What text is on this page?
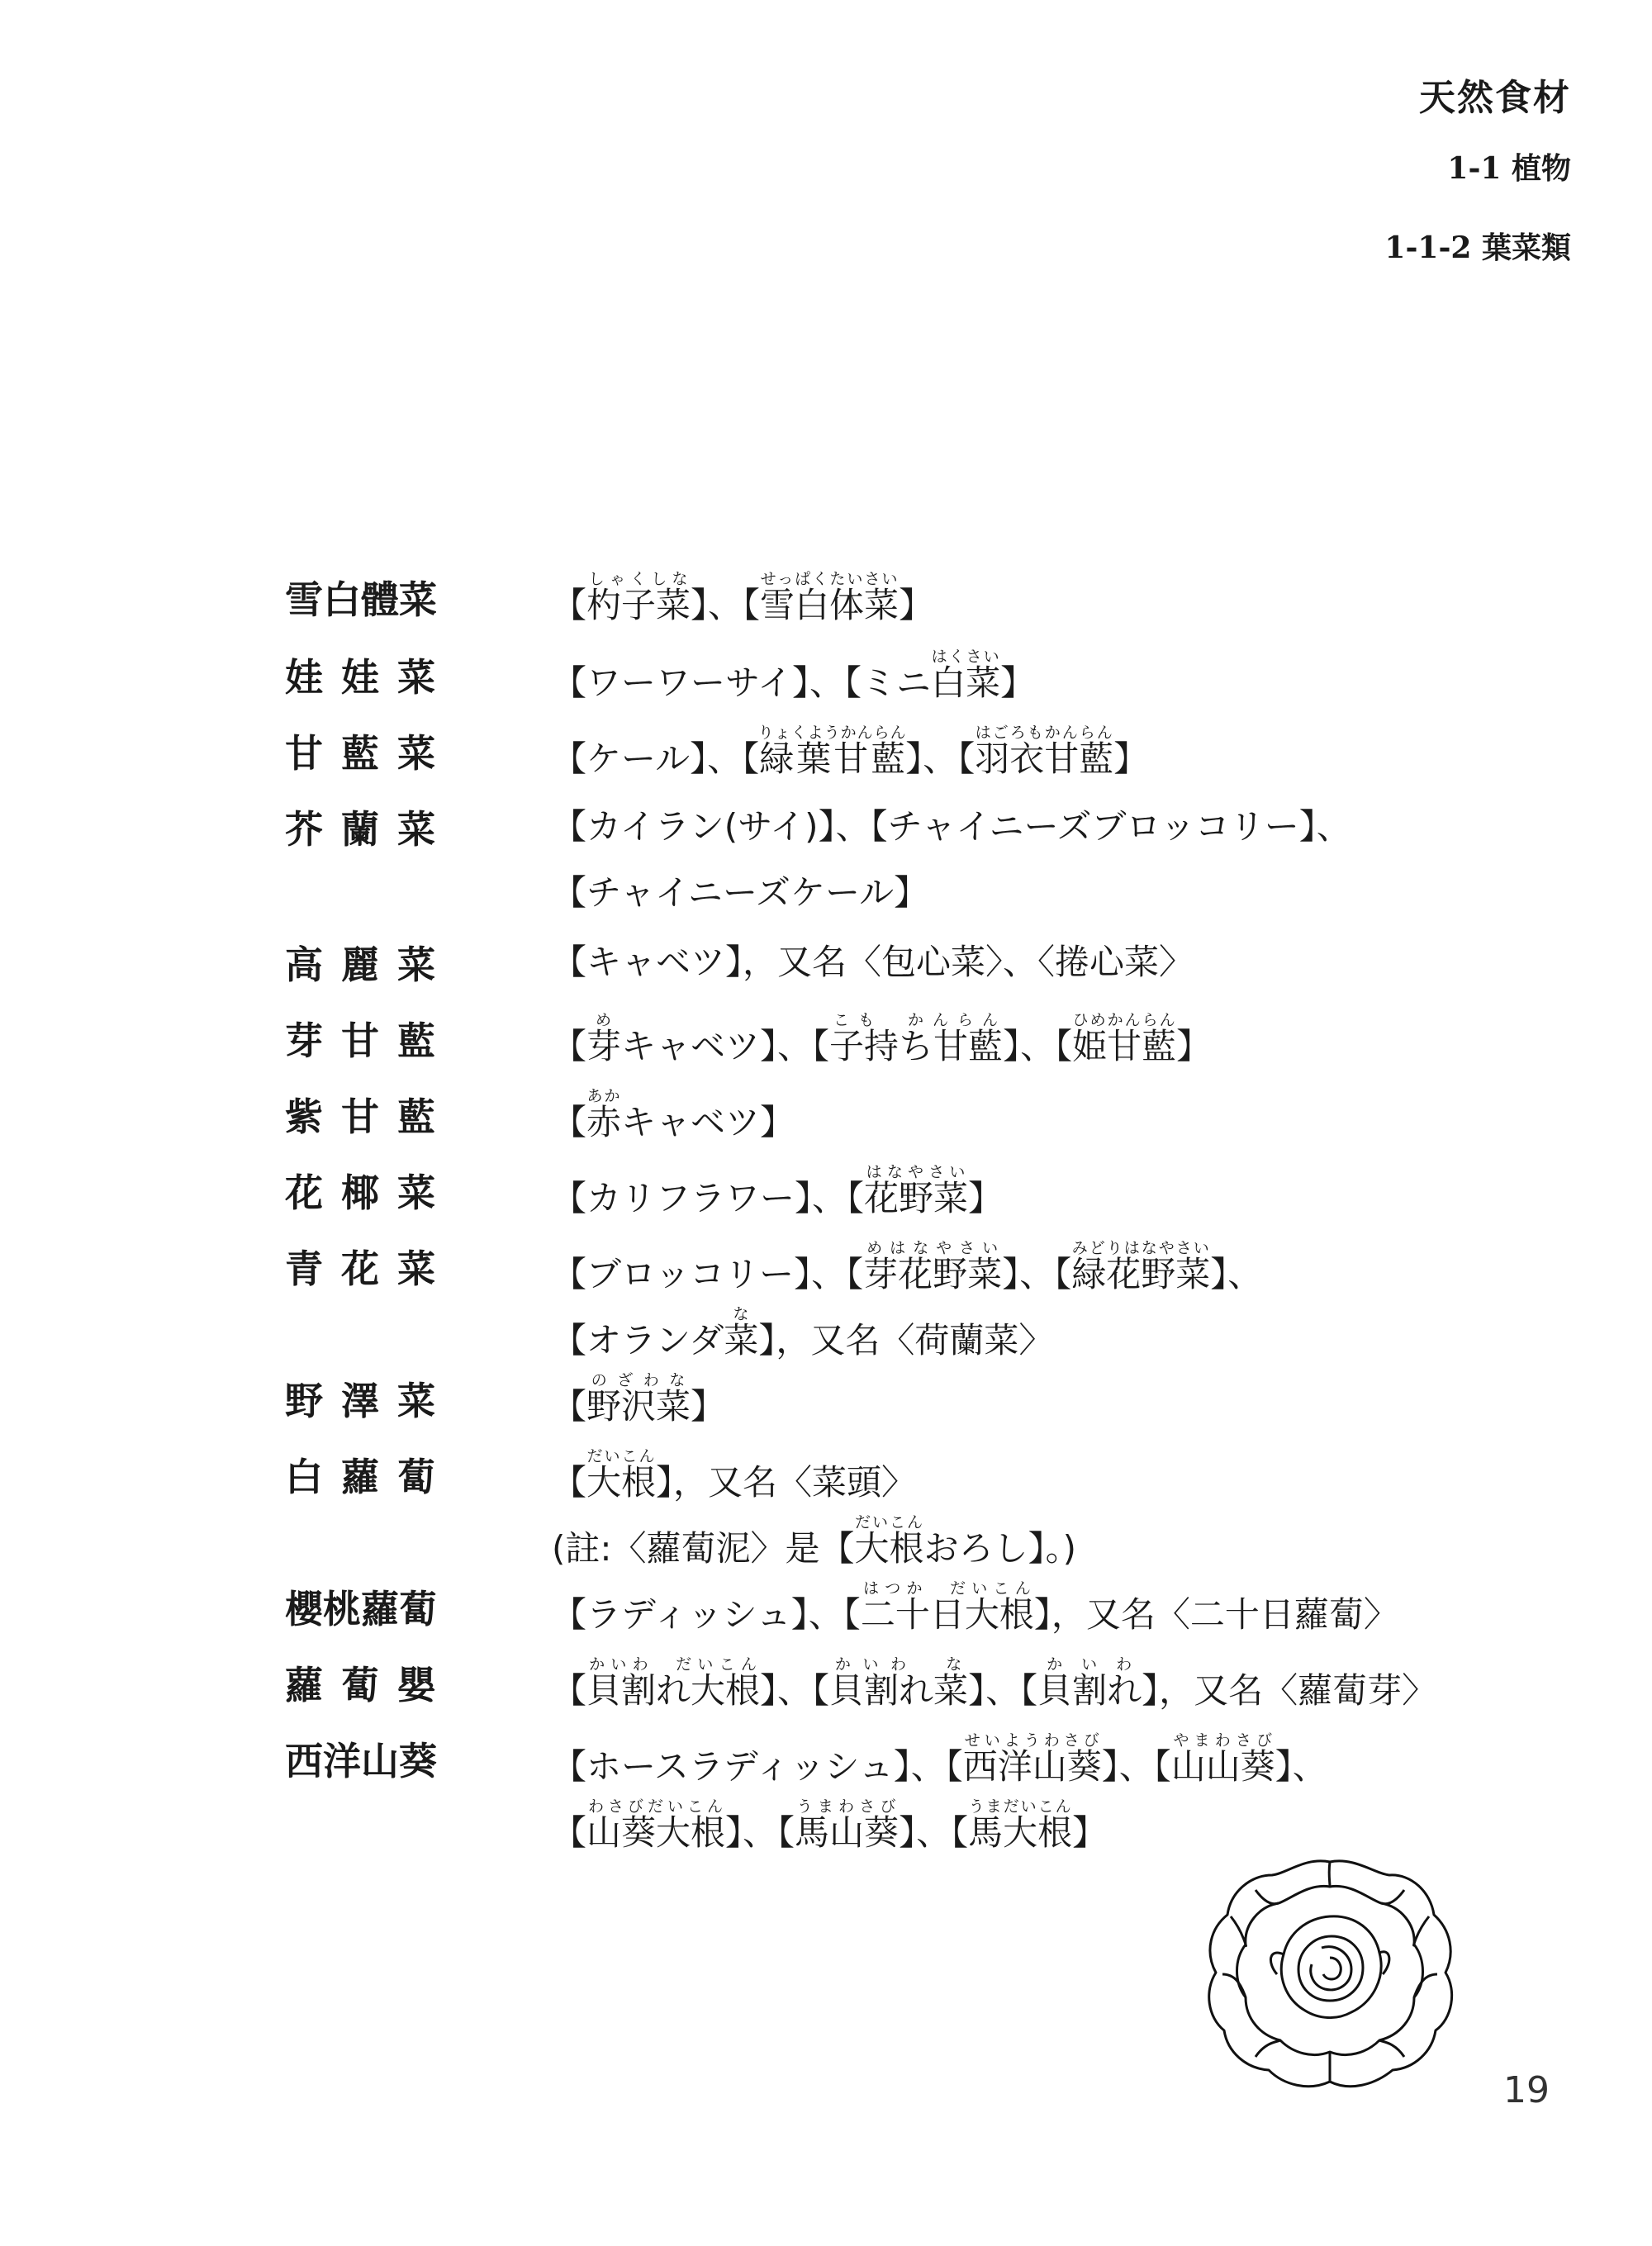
天然食材
1-1 植物
1-1-2 葉菜類
雪白體菜	【杓子菜しゃくしな】、【雪白体菜せっぱくたいさい】
娃娃菜	【ワーワーサイ】、【ミニ白菜はくさい】
甘藍菜	【ケール】、【緑葉甘藍りょくようかんらん】、【羽衣甘藍はごろもかんらん】
芥蘭菜	【カイラン(サイ)】、【チャイニーズブロッコリー】、
【チャイニーズケール】
高麗菜	【キャベツ】，又名〈包心菜〉、〈捲心菜〉
芽甘藍	【芽めキャベツ】、【子持ち甘藍こも　かんらん】、【姫甘藍ひめかんらん】
紫甘藍	【赤あかキャベツ】
花椰菜	【カリフラワー】、【花野菜はなやさい】
青花菜	【ブロッコリー】、【芽花野菜めはなやさい】、【緑花野菜みどりはなやさい】、
【オランダ菜な】，又名〈荷蘭菜〉
野澤菜	【野沢菜のざわな】
白蘿蔔	【大根だいこん】，又名〈菜頭〉
(註:〈蘿蔔泥〉是【大根だいこんおろし】。)
櫻桃蘿蔔	【ラディッシュ】、【二十日大根はつか　だいこん】，又名〈二十日蘿蔔〉
蘿蔔嬰	【貝割れ大根かいわ　だいこん】、【貝割れ菜かいわ　な】、【貝割れかいわ】，又名〈蘿蔔芽〉
西洋山葵	【ホースラディッシュ】、【西洋山葵せいようわさび】、【山山葵やまわさび】、
【山葵大根わさびだいこん】、【馬山葵うまわさび】、【馬大根うまだいこん】
19
